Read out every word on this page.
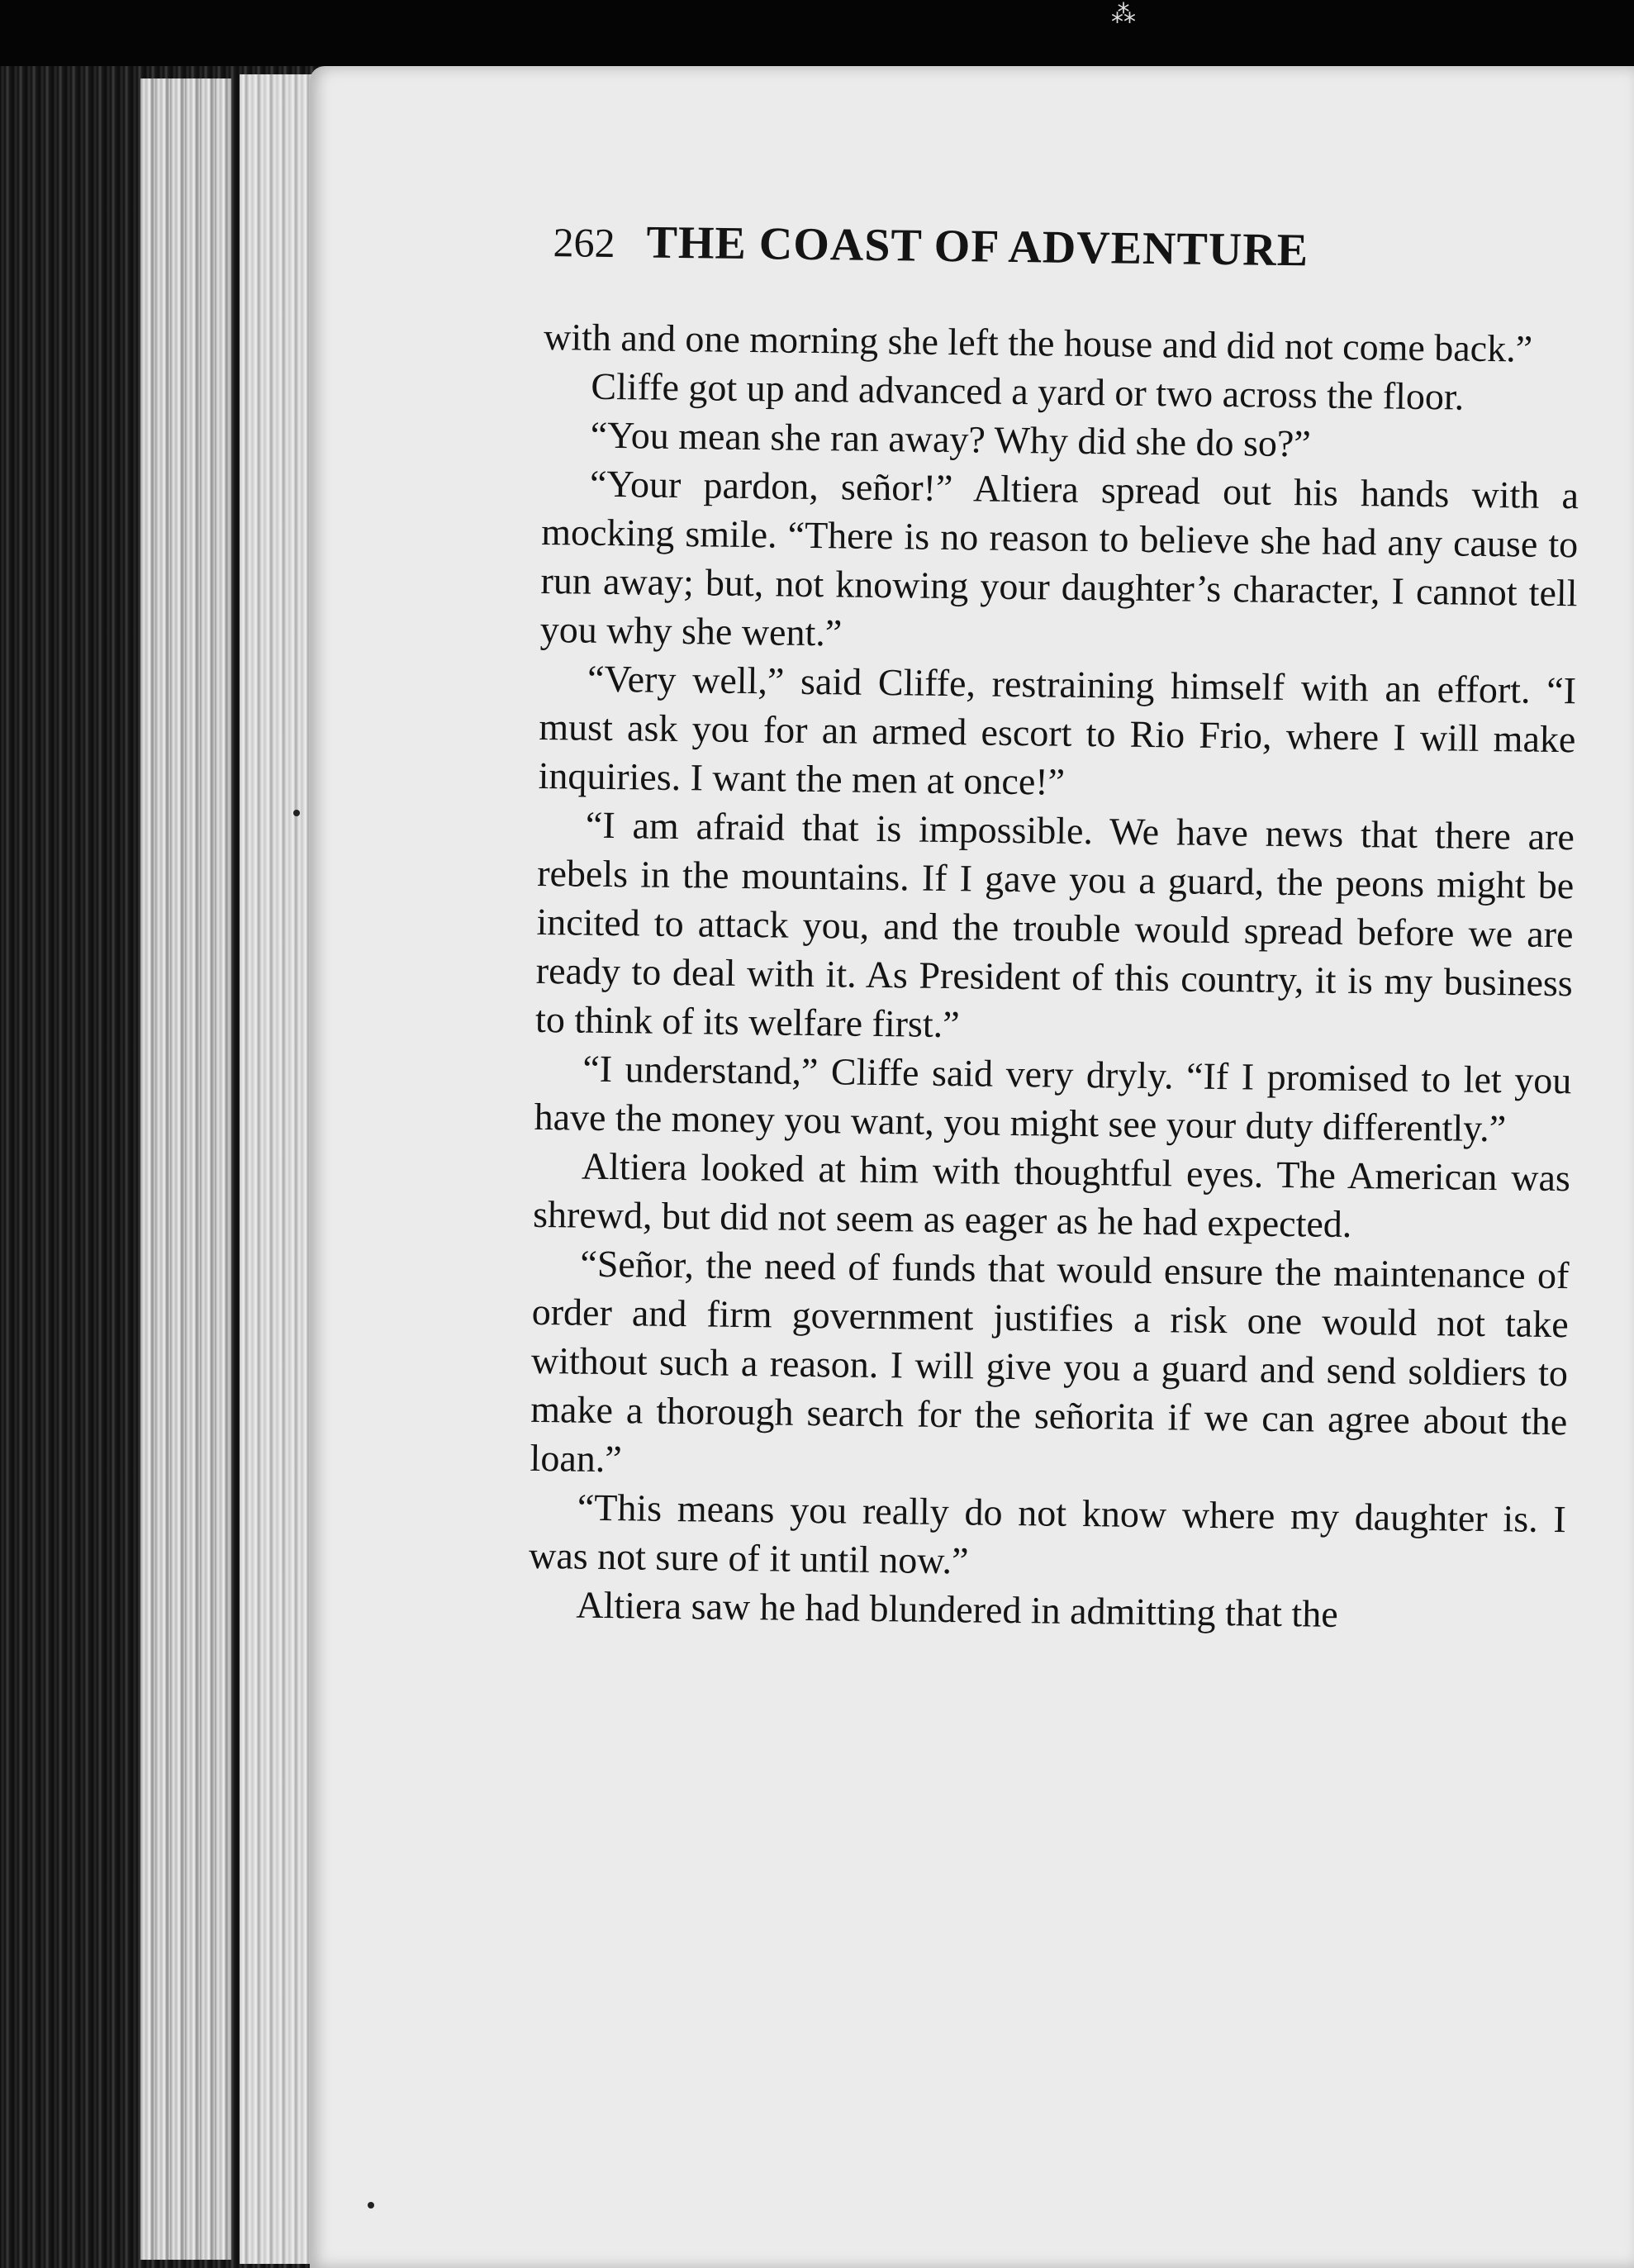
⁂
262 THE COAST OF ADVENTURE

with and one morning she left the house and did not come back.”

Cliffe got up and advanced a yard or two across the floor.

“You mean she ran away? Why did she do so?”

“Your pardon, señor!” Altiera spread out his hands with a mocking smile. “There is no reason to believe she had any cause to run away; but, not knowing your daughter’s character, I cannot tell you why she went.”

“Very well,” said Cliffe, restraining himself with an effort. “I must ask you for an armed escort to Rio Frio, where I will make inquiries. I want the men at once!”

“I am afraid that is impossible. We have news that there are rebels in the mountains. If I gave you a guard, the peons might be incited to attack you, and the trouble would spread before we are ready to deal with it. As President of this country, it is my business to think of its welfare first.”

“I understand,” Cliffe said very dryly. “If I promised to let you have the money you want, you might see your duty differently.”

Altiera looked at him with thoughtful eyes. The American was shrewd, but did not seem as eager as he had expected.

“Señor, the need of funds that would ensure the maintenance of order and firm government justifies a risk one would not take without such a reason. I will give you a guard and send soldiers to make a thorough search for the señorita if we can agree about the loan.”

“This means you really do not know where my daughter is. I was not sure of it until now.”

Altiera saw he had blundered in admitting that the
